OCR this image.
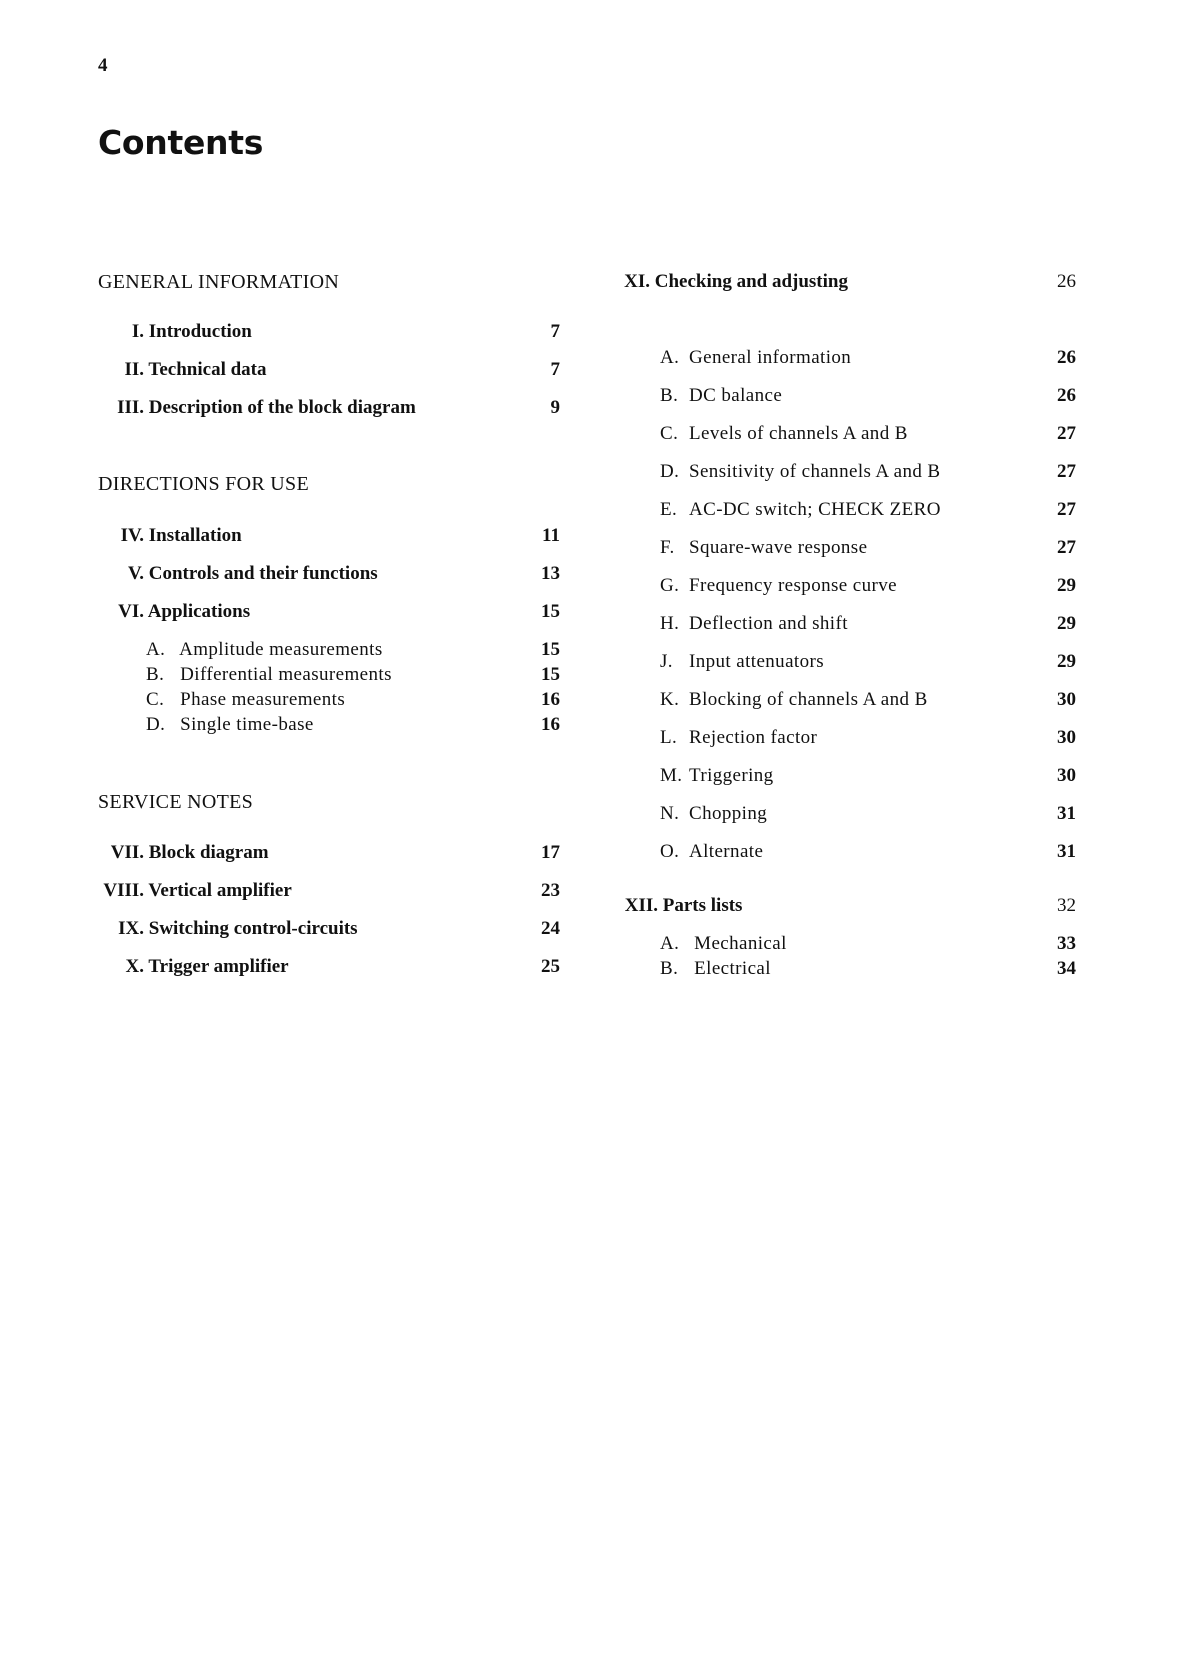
4
Contents
GENERAL INFORMATION
I. Introduction	7
II. Technical data	7
III. Description of the block diagram	9
DIRECTIONS FOR USE
IV. Installation	11
V. Controls and their functions	13
VI. Applications	15
A. Amplitude measurements	15
B. Differential measurements	15
C. Phase measurements	16
D. Single time-base	16
SERVICE NOTES
VII. Block diagram	17
VIII. Vertical amplifier	23
IX. Switching control-circuits	24
X. Trigger amplifier	25
XI. Checking and adjusting	26
A. General information	26
B. DC balance	26
C. Levels of channels A and B	27
D. Sensitivity of channels A and B	27
E. AC-DC switch; CHECK ZERO	27
F. Square-wave response	27
G. Frequency response curve	29
H. Deflection and shift	29
J. Input attenuators	29
K. Blocking of channels A and B	30
L. Rejection factor	30
M. Triggering	30
N. Chopping	31
O. Alternate	31
XII. Parts lists	32
A. Mechanical	33
B. Electrical	34
